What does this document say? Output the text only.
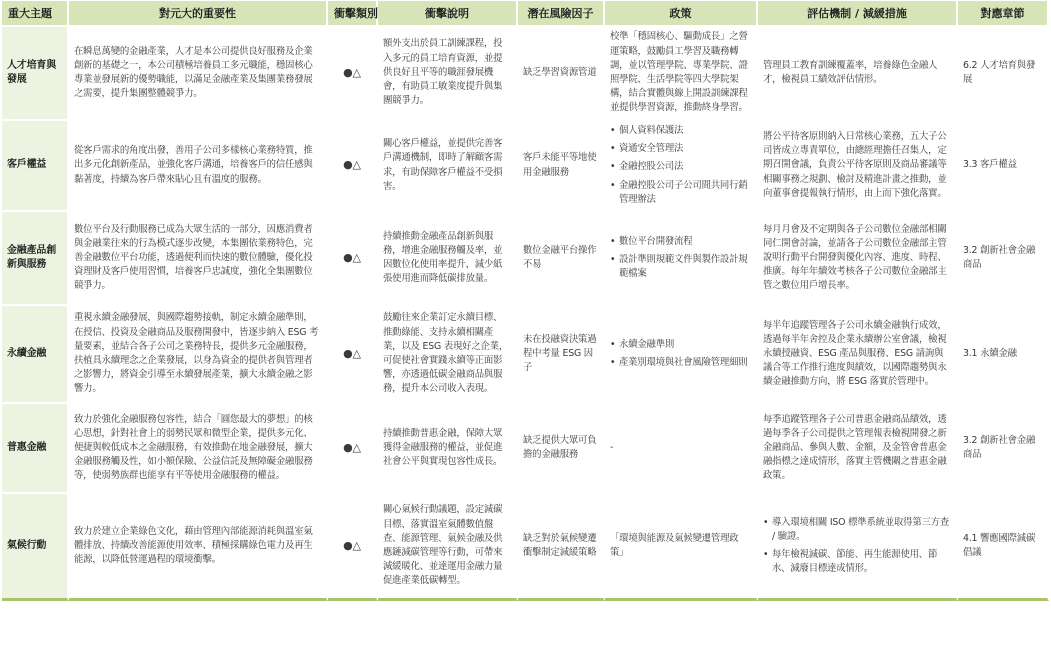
重大主題	對元大的重要性	衝擊類別	衝擊說明	潛在風險因子	政策	評估機制 / 減緩措施	對應章節
人才培育與發展	在瞬息萬變的金融產業，人才是本公司提供良好服務及企業創新的基礎之一，本公司積極培養員工多元職能，穩固核心專業並發展新的優勢職能，以滿足金融產業及集團業務發展之需要，提升集團整體競爭力。	●△	額外支出於員工訓練課程，投入多元的員工培育資源，並提供良好且平等的職涯發展機會，有助員工敏業度提升與集團競爭力。	缺乏學習資源管道	校準「穩固核心、驅動成長」之營運策略，鼓勵員工學習及職務轉調，並以管理學院、專業學院、證照學院、生活學院等四大學院架構，結合實體與線上開設訓練課程並提供學習資源，推動終身學習。	管理員工教育訓練覆蓋率，培養綠色金融人才，檢視員工績效評估情形。	6.2 人才培育與發展
客戶權益	從客戶需求的角度出發，善用子公司多樣核心業務特質，推出多元化創新產品，並強化客戶溝通，培養客戶的信任感與黏著度，持續為客戶帶來貼心且有溫度的服務。	●△	關心客戶權益，並提供完善客戶溝通機制，即時了解顧客需求，有助保障客戶權益不受損害。	客戶未能平等地使用金融服務	• 個人資料保護法
• 資通安全管理法
• 金融控股公司法
• 金融控股公司子公司間共同行銷管理辦法	將公平待客原則納入日常核心業務，五大子公司皆成立專責單位，由總經理擔任召集人，定期召開會議，負責公平待客原則及商品審議等相關事務之規劃、檢討及精進計畫之推動，並向董事會提報執行情形，由上而下強化落實。	3.3 客戶權益
金融產品創新與服務	數位平台及行動服務已成為大眾生活的一部分，因應消費者與金融業往來的行為模式逐步改變，本集團依業務特色，完善金融數位平台功能，透過便利而快速的數位體驗，優化投資理財及客戶使用習慣，培養客戶忠誠度，強化全集團數位競爭力。	●△	持續推動金融產品創新與服務，增進金融服務觸及率，並因數位化使用率提升，減少紙張使用進而降低碳排放量。	數位金融平台操作不易	• 數位平台開發流程
• 設計準則規範文件與製作設計規範檔案	每月月會及不定期與各子公司數位金融部相關同仁開會討論，並請各子公司數位金融部主管說明行動平台開發與優化內容、進度、時程、推廣。每年年續效考核各子公司數位金融部主管之數位用戶增長率。	3.2 創新社會金融商品
永續金融	重視永續金融發展，與國際趨勢接軌，制定永續金融準則，在授信、投資及金融商品及服務開發中，皆逐步納入 ESG 考量要素，並結合各子公司之業務特長，提供多元金融服務，扶植具永續理念之企業發展，以身為資金的提供者與管理者之影響力，將資金引導至永續發展產業，擴大永續金融之影響力。	●△	鼓勵往來企業訂定永續目標、推動綠能、支持永續相關產業，以及 ESG 表現好之企業，可促使社會實踐永續等正面影響，亦透過低碳金融商品與服務，提升本公司收入表現。	未在投融資決策過程中考量 ESG 因子	• 永續金融準則
• 產業別環境與社會風險管理細則	每半年追蹤管理各子公司永續金融執行成效，透過每半年舍控及企業永續辦公室會議，檢視永續授融資、ESG 產品與服務、ESG 請詢與議合等工作推行進度與績效，以國際趨勢與永續金融推動方向，將 ESG 落實於管理中。	3.1 永續金融
普惠金融	致力於強化金融服務包容性，結合「圓您最大的夢想」的核心思想，針對社會上的弱勢民眾和微型企業，提供多元化、便捷與較低成本之金融服務，有效推動在地金融發展，擴大金融服務觸及性，如小額保險、公益信託及無障礙金融服務等，使弱勢族群也能享有平等使用金融服務的權益。	●△	持續推動普惠金融，保障大眾獲得金融服務的權益，並促進社會公平與實現包容性成長。	缺乏提供大眾可負擔的金融服務	-	每季追蹤管理各子公司普惠金融商品績效，透過每季各子公司提供之管理報表檢視開發之新金融商品、參與人數、金額，及金管會普惠金融指標之達成情形，落實主管機關之普惠金融政策。	3.2 創新社會金融商品
氣候行動	致力於建立企業綠色文化，藉由管理內部能源消耗與溫室氣體排放、持續改善能源使用效率、積極採購綠色電力及再生能源，以降低營運過程的環境衝擊。	●△	關心氣候行動議題，設定減碳目標、落實溫室氣體數值盤查、能源管理、氣候金融及供應鏈減碳管理等行動，可帶來減緩暖化、並達運用金融力量促進產業低碳轉型。	缺乏對於氣候變遷衝擊制定減緩策略	「環境與能源及氣候變遷管理政策」	• 導入環境相關 ISO 標準系統並取得第三方查 / 驗證。
• 每年檢視減碳、節能、再生能源使用、節水、減廢目標達成情形。	4.1 響應國際減碳倡議
